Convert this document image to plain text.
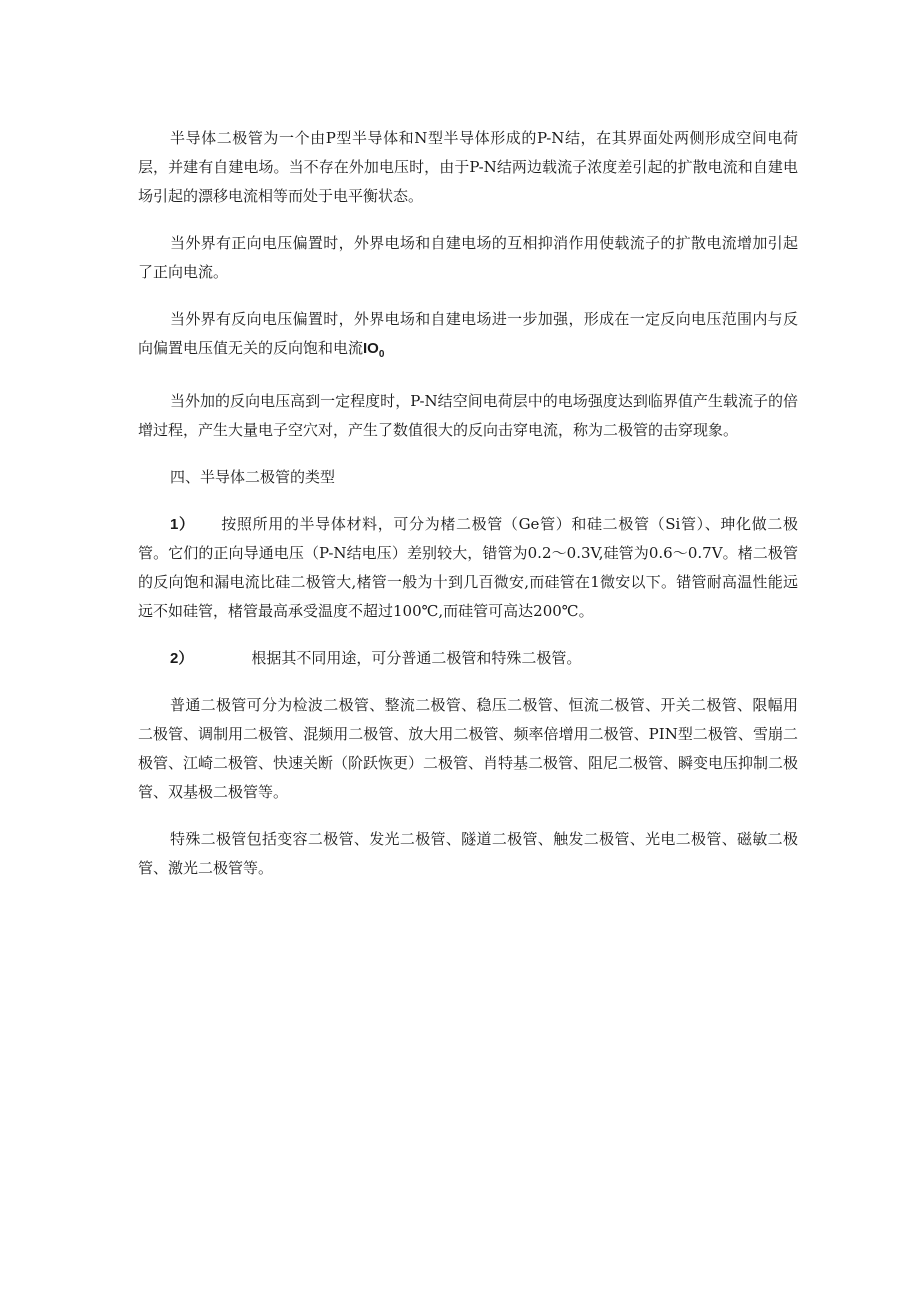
半导体二极管为一个由P型半导体和N型半导体形成的P-N结，在其界面处两侧形成空间电荷层，并建有自建电场。当不存在外加电压时，由于P-N结两边载流子浓度差引起的扩散电流和自建电场引起的漂移电流相等而处于电平衡状态。

当外界有正向电压偏置时，外界电场和自建电场的互相抑消作用使载流子的扩散电流增加引起了正向电流。

当外界有反向电压偏置时，外界电场和自建电场进一步加强，形成在一定反向电压范围内与反向偏置电压值无关的反向饱和电流$IO_0$

当外加的反向电压高到一定程度时，P-N结空间电荷层中的电场强度达到临界值产生载流子的倍增过程，产生大量电子空穴对，产生了数值很大的反向击穿电流，称为二极管的击穿现象。

四、半导体二极管的类型

1） 按照所用的半导体材料，可分为楮二极管（Ge管）和硅二极管（Si管）、珅化做二极管。它们的正向导通电压（P-N结电压）差别较大，错管为0.2～0.3V,硅管为0.6～0.7V。楮二极管的反向饱和漏电流比硅二极管大,楮管一般为十到几百微安,而硅管在1微安以下。错管耐高温性能远远不如硅管，楮管最高承受温度不超过100℃,而硅管可高达200℃。

2）	根据其不同用途，可分普通二极管和特殊二极管。

普通二极管可分为检波二极管、整流二极管、稳压二极管、恒流二极管、开关二极管、限幅用二极管、调制用二极管、混频用二极管、放大用二极管、频率倍增用二极管、PIN型二极管、雪崩二极管、江崎二极管、快速关断（阶跃恢更）二极管、肖特基二极管、阻尼二极管、瞬变电压抑制二极管、双基极二极管等。

特殊二极管包括变容二极管、发光二极管、隧道二极管、触发二极管、光电二极管、磁敏二极管、激光二极管等。
